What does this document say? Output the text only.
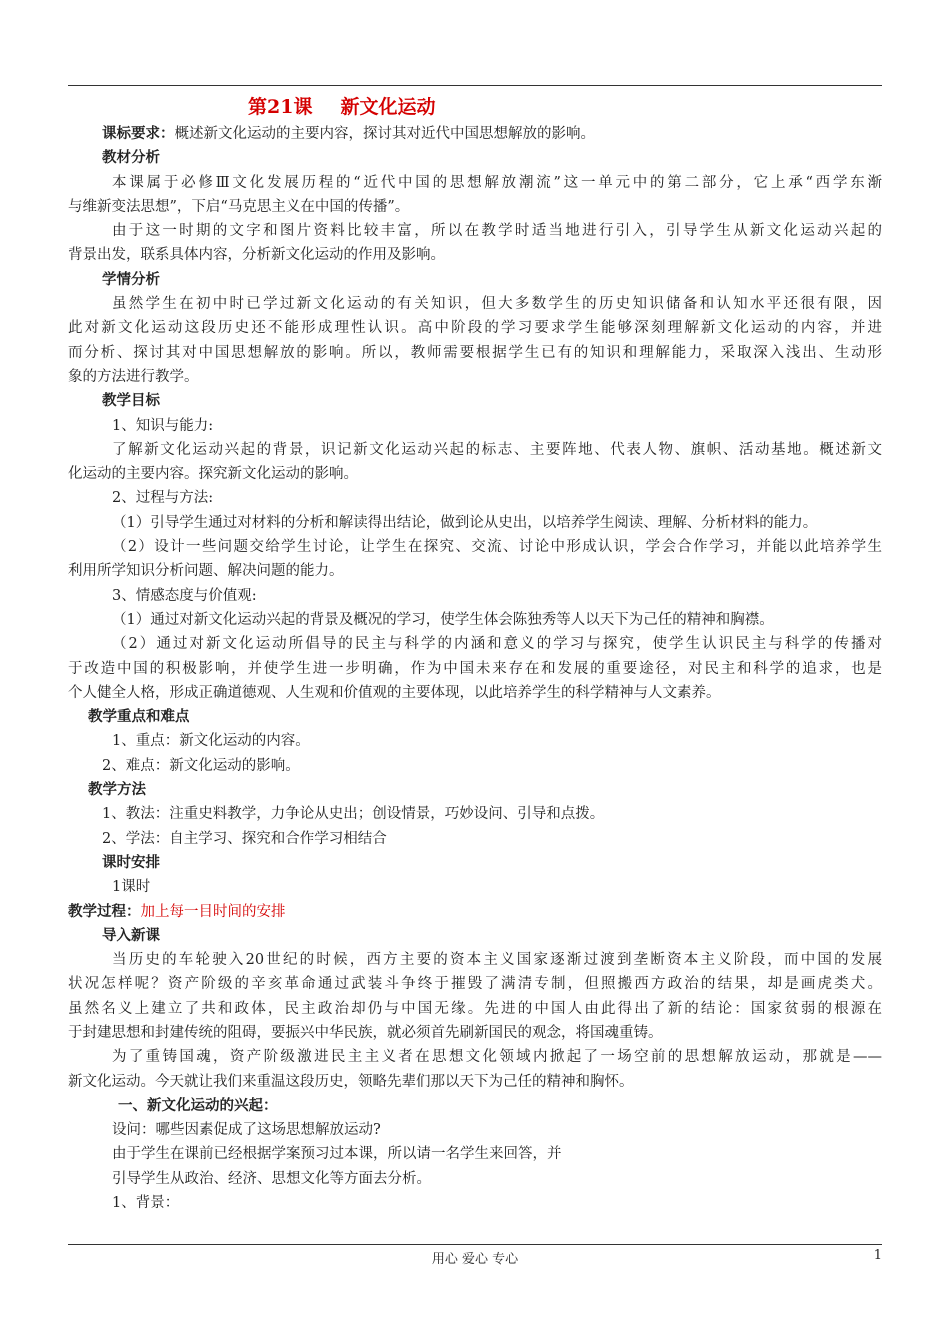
第21课 新文化运动
课标要求：概述新文化运动的主要内容，探讨其对近代中国思想解放的影响。
教材分析
本课属于必修Ⅲ文化发展历程的“近代中国的思想解放潮流”这一单元中的第二部分，它上承“西学东渐
与维新变法思想”，下启“马克思主义在中国的传播”。
由于这一时期的文字和图片资料比较丰富，所以在教学时适当地进行引入，引导学生从新文化运动兴起的
背景出发，联系具体内容，分析新文化运动的作用及影响。
学情分析
虽然学生在初中时已学过新文化运动的有关知识，但大多数学生的历史知识储备和认知水平还很有限，因
此对新文化运动这段历史还不能形成理性认识。高中阶段的学习要求学生能够深刻理解新文化运动的内容，并进
而分析、探讨其对中国思想解放的影响。所以，教师需要根据学生已有的知识和理解能力，采取深入浅出、生动形
象的方法进行教学。
教学目标
1、知识与能力:
了解新文化运动兴起的背景，识记新文化运动兴起的标志、主要阵地、代表人物、旗帜、活动基地。概述新文
化运动的主要内容。探究新文化运动的影响。
2、过程与方法:
（1）引导学生通过对材料的分析和解读得出结论，做到论从史出，以培养学生阅读、理解、分析材料的能力。
（2）设计一些问题交给学生讨论，让学生在探究、交流、讨论中形成认识，学会合作学习，并能以此培养学生
利用所学知识分析问题、解决问题的能力。
3、情感态度与价值观:
（1）通过对新文化运动兴起的背景及概况的学习，使学生体会陈独秀等人以天下为己任的精神和胸襟。
（2）通过对新文化运动所倡导的民主与科学的内涵和意义的学习与探究，使学生认识民主与科学的传播对
于改造中国的积极影响，并使学生进一步明确，作为中国未来存在和发展的重要途径，对民主和科学的追求，也是
个人健全人格，形成正确道德观、人生观和价值观的主要体现，以此培养学生的科学精神与人文素养。
教学重点和难点
1、重点：新文化运动的内容。
2、难点：新文化运动的影响。
教学方法
1、教法：注重史料教学，力争论从史出；创设情景，巧妙设问、引导和点拨。
2、学法：自主学习、探究和合作学习相结合
课时安排
1课时
教学过程：加上每一目时间的安排
导入新课
当历史的车轮驶入20世纪的时候，西方主要的资本主义国家逐渐过渡到垄断资本主义阶段，而中国的发展
状况怎样呢？资产阶级的辛亥革命通过武装斗争终于摧毁了满清专制，但照搬西方政治的结果，却是画虎类犬。
虽然名义上建立了共和政体，民主政治却仍与中国无缘。先进的中国人由此得出了新的结论：国家贫弱的根源在
于封建思想和封建传统的阻碍，要振兴中华民族，就必须首先刷新国民的观念，将国魂重铸。
为了重铸国魂，资产阶级激进民主主义者在思想文化领域内掀起了一场空前的思想解放运动，那就是——
新文化运动。今天就让我们来重温这段历史，领略先辈们那以天下为己任的精神和胸怀。
一、新文化运动的兴起：
设问：哪些因素促成了这场思想解放运动?
由于学生在课前已经根据学案预习过本课，所以请一名学生来回答，并
引导学生从政治、经济、思想文化等方面去分析。
1、背景：
用心 爱心 专心	1
